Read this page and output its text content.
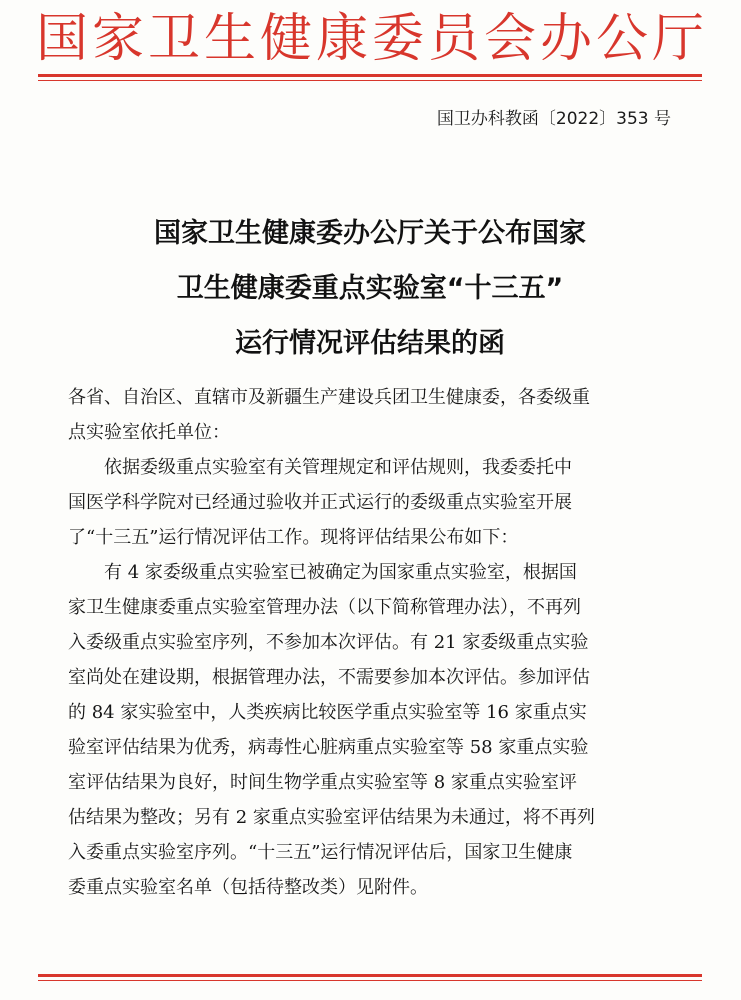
国家卫生健康委员会办公厅
国卫办科教函〔2022〕353 号
国家卫生健康委办公厅关于公布国家
卫生健康委重点实验室“十三五”
运行情况评估结果的函
各省、自治区、直辖市及新疆生产建设兵团卫生健康委，各委级重
点实验室依托单位：
依据委级重点实验室有关管理规定和评估规则，我委委托中
国医学科学院对已经通过验收并正式运行的委级重点实验室开展
了“十三五”运行情况评估工作。现将评估结果公布如下：
有 4 家委级重点实验室已被确定为国家重点实验室，根据国
家卫生健康委重点实验室管理办法（以下简称管理办法），不再列
入委级重点实验室序列，不参加本次评估。有 21 家委级重点实验
室尚处在建设期，根据管理办法，不需要参加本次评估。参加评估
的 84 家实验室中，人类疾病比较医学重点实验室等 16 家重点实
验室评估结果为优秀，病毒性心脏病重点实验室等 58 家重点实验
室评估结果为良好，时间生物学重点实验室等 8 家重点实验室评
估结果为整改；另有 2 家重点实验室评估结果为未通过，将不再列
入委重点实验室序列。“十三五”运行情况评估后，国家卫生健康
委重点实验室名单（包括待整改类）见附件。
